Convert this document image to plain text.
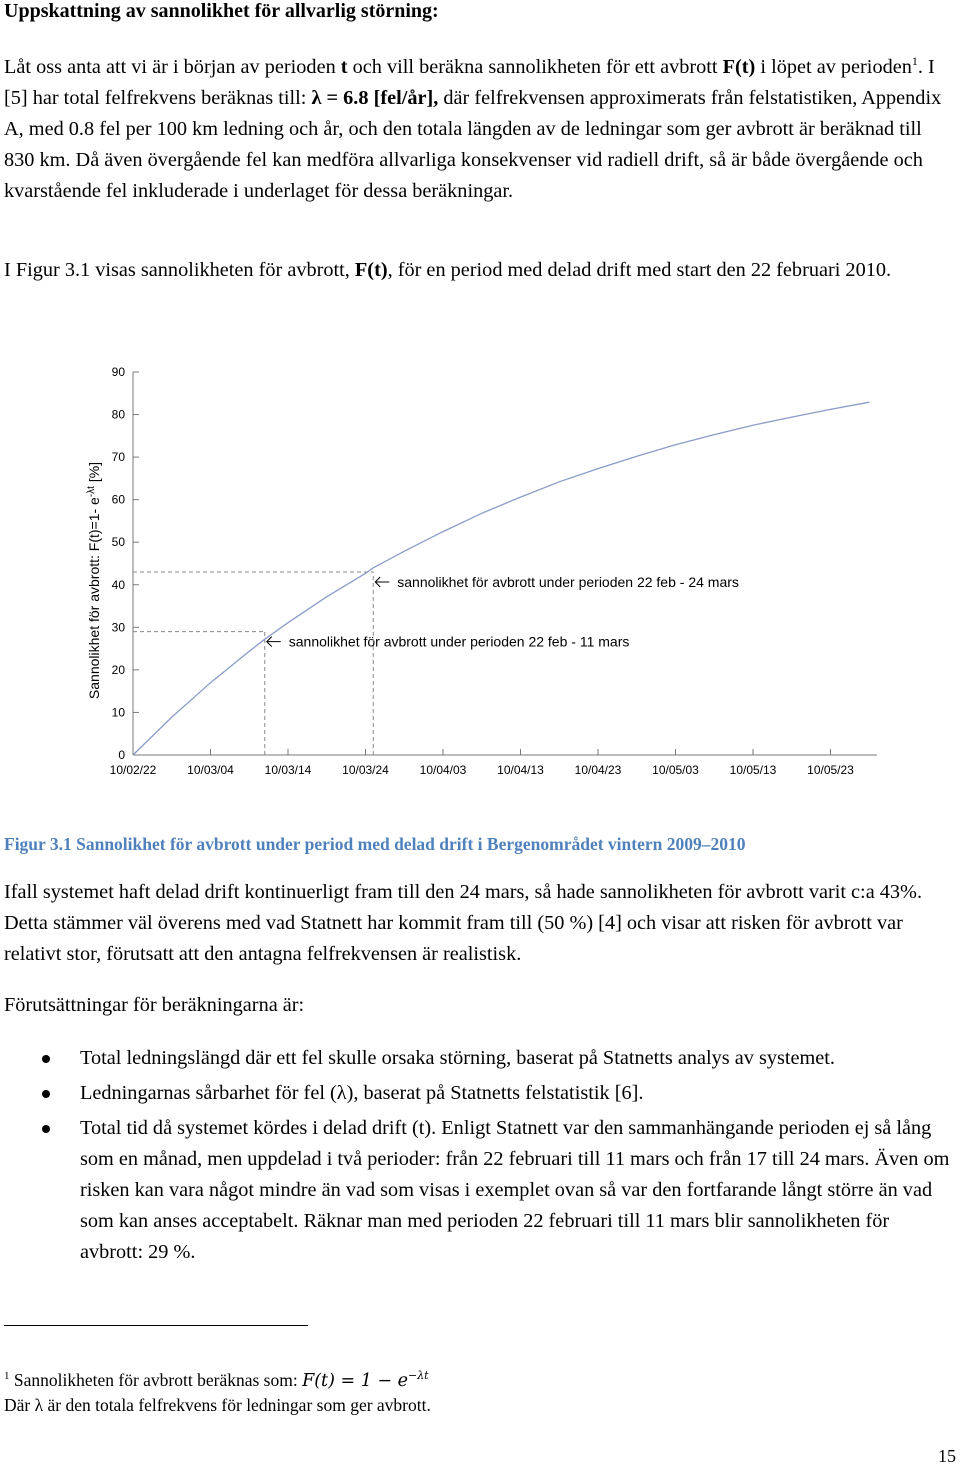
Uppskattning av sannolikhet för allvarlig störning:

Låt oss anta att vi är i början av perioden t och vill beräkna sannolikheten för ett avbrott F(t) i löpet av perioden$^1$. I [5] har total felfrekvens beräknas till: λ = 6.8 [fel/år], där felfrekvensen approximerats från felstatistiken, Appendix A, med 0.8 fel per 100 km ledning och år, och den totala längden av de ledningar som ger avbrott är beräknad till 830 km. Då även övergående fel kan medföra allvarliga konsekvenser vid radiell drift, så är både övergående och kvarstående fel inkluderade i underlaget för dessa beräkningar.

I Figur 3.1 visas sannolikheten för avbrott, F(t), för en period med delad drift med start den 22 februari 2010.

0
10
20
30
40
50
60
70
80
90
10/02/22	10/03/04	10/03/14	10/03/24	10/04/03	10/04/13	10/04/23	10/05/03	10/05/13	10/05/23
Sannolikhet för avbrott: F(t)=1- $e^{-\lambda t}$ [%]
sannolikhet för avbrott under perioden 22 feb - 11 mars
sannolikhet för avbrott under perioden 22 feb - 24 mars

Figur 3.1 Sannolikhet för avbrott under period med delad drift i Bergenområdet vintern 2009–2010

Ifall systemet haft delad drift kontinuerligt fram till den 24 mars, så hade sannolikheten för avbrott varit c:a 43%. Detta stämmer väl överens med vad Statnett har kommit fram till (50 %) [4] och visar att risken för avbrott var relativt stor, förutsatt att den antagna felfrekvensen är realistisk.

Förutsättningar för beräkningarna är:

Total ledningslängd där ett fel skulle orsaka störning, baserat på Statnetts analys av systemet.
Ledningarnas sårbarhet för fel (λ), baserat på Statnetts felstatistik [6].
Total tid då systemet kördes i delad drift (t). Enligt Statnett var den sammanhängande perioden ej så lång som en månad, men uppdelad i två perioder: från 22 februari till 11 mars och från 17 till 24 mars. Även om risken kan vara något mindre än vad som visas i exemplet ovan så var den fortfarande långt större än vad som kan anses acceptabelt. Räknar man med perioden 22 februari till 11 mars blir sannolikheten för avbrott: 29 %.

$^1$ Sannolikheten för avbrott beräknas som: $F(t) = 1 - e^{-\lambda t}$

Där λ är den totala felfrekvens för ledningar som ger avbrott.

15
